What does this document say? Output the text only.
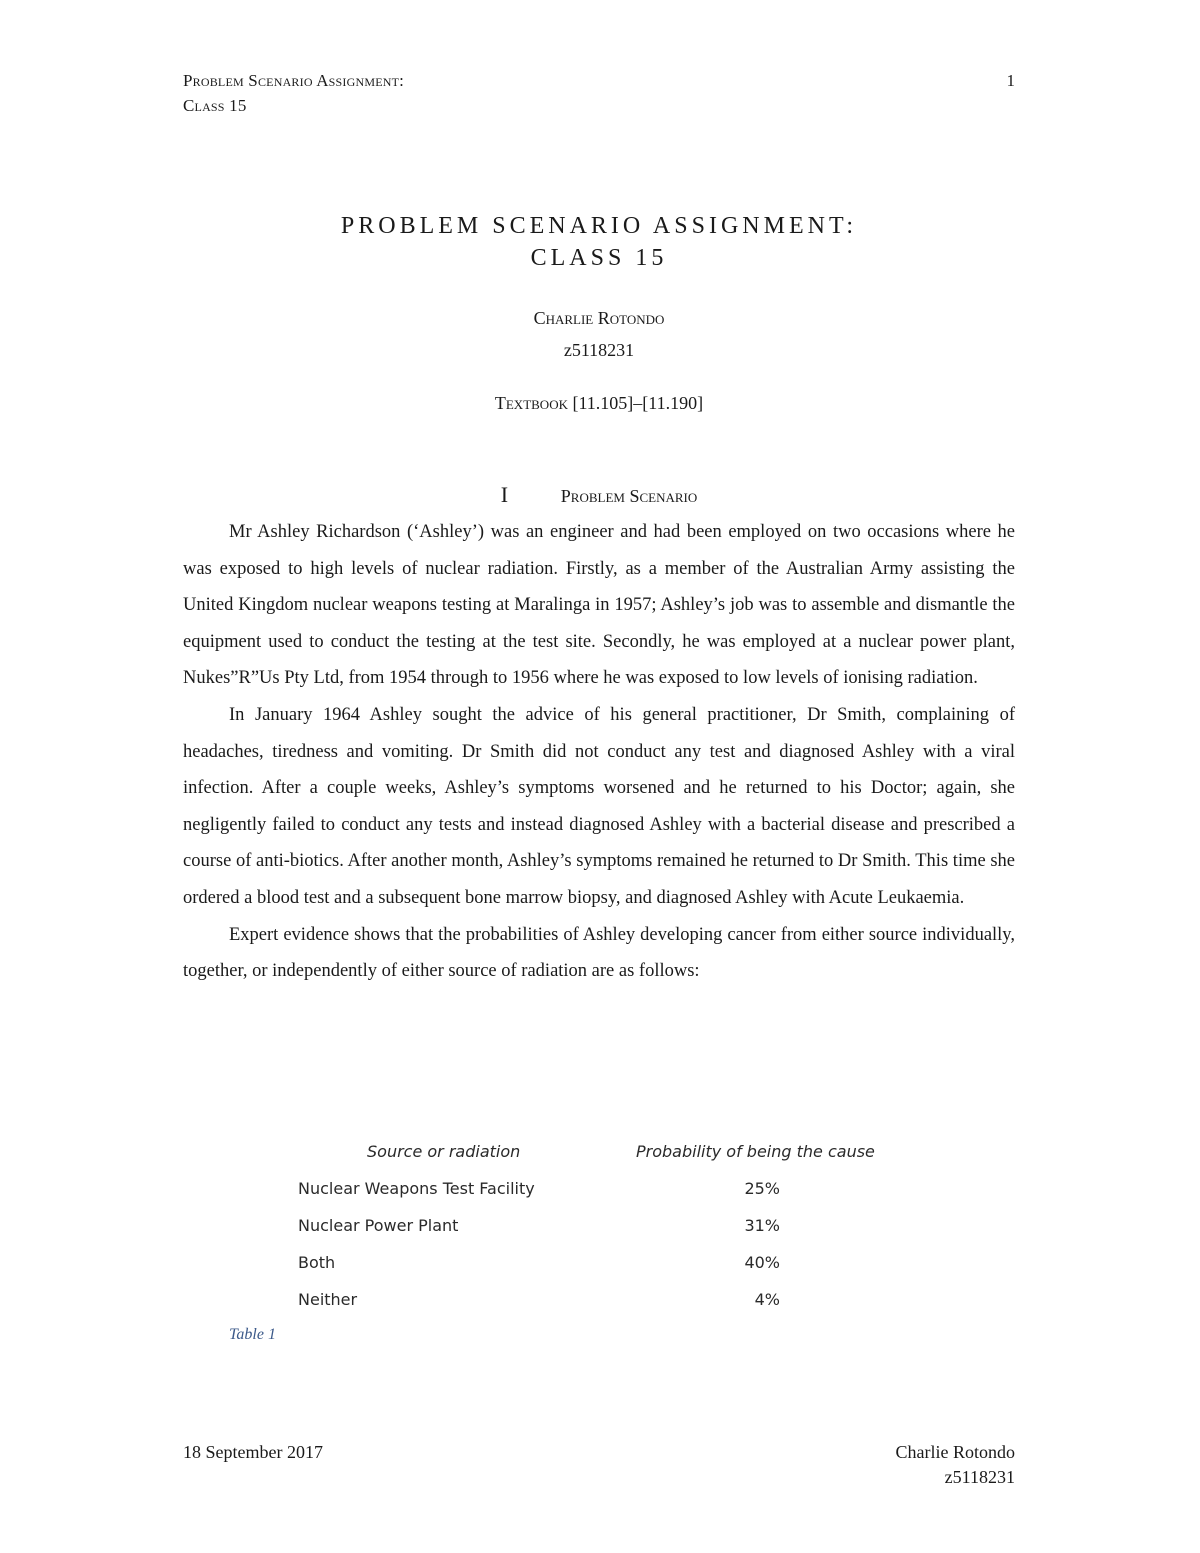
Problem Scenario Assignment:
Class 15
1
PROBLEM SCENARIO ASSIGNMENT:
CLASS 15
Charlie Rotondo
z5118231
Textbook [11.105]–[11.190]
I	Problem Scenario

Mr Ashley Richardson (‘Ashley’) was an engineer and had been employed on two occasions where he was exposed to high levels of nuclear radiation. Firstly, as a member of the Australian Army assisting the United Kingdom nuclear weapons testing at Maralinga in 1957; Ashley’s job was to assemble and dismantle the equipment used to conduct the testing at the test site. Secondly, he was employed at a nuclear power plant, Nukes”R”Us Pty Ltd, from 1954 through to 1956 where he was exposed to low levels of ionising radiation.

In January 1964 Ashley sought the advice of his general practitioner, Dr Smith, complaining of headaches, tiredness and vomiting. Dr Smith did not conduct any test and diagnosed Ashley with a viral infection. After a couple weeks, Ashley’s symptoms worsened and he returned to his Doctor; again, she negligently failed to conduct any tests and instead diagnosed Ashley with a bacterial disease and prescribed a course of anti-biotics. After another month, Ashley’s symptoms remained he returned to Dr Smith. This time she ordered a blood test and a subsequent bone marrow biopsy, and diagnosed Ashley with Acute Leukaemia.

Expert evidence shows that the probabilities of Ashley developing cancer from either source individually, together, or independently of either source of radiation are as follows:

Source or radiation	Probability of being the cause
Nuclear Weapons Test Facility	25%
Nuclear Power Plant	31%
Both	40%
Neither	4%
Table 1
18 September 2017	Charlie Rotondo
z5118231
